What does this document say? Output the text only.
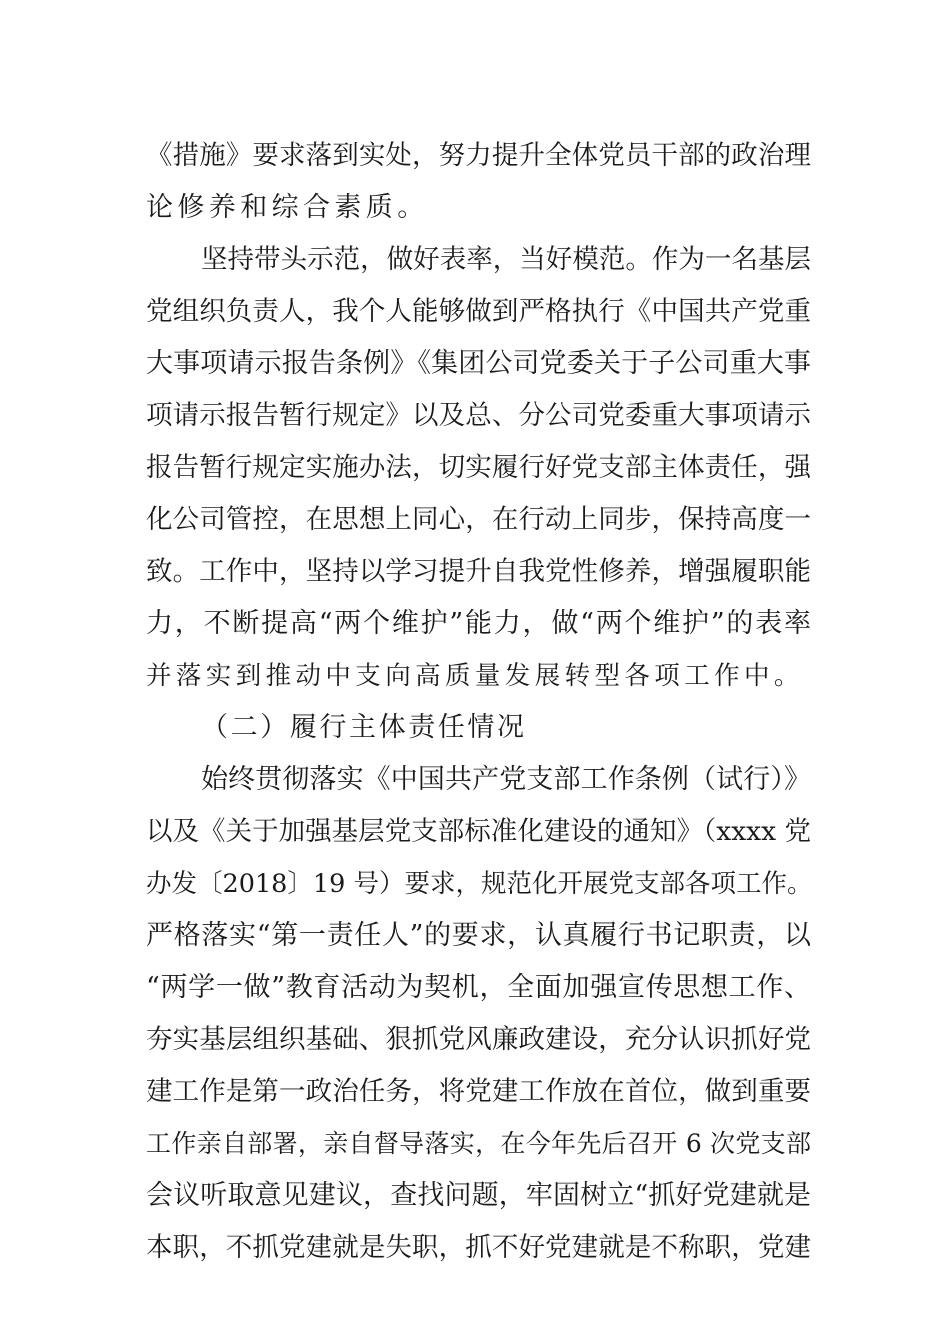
《措施》要求落到实处，努力提升全体党员干部的政治理

论修养和综合素质。

坚持带头示范，做好表率，当好模范。作为一名基层

党组织负责人，我个人能够做到严格执行《中国共产党重

大事项请示报告条例》《集团公司党委关于子公司重大事

项请示报告暂行规定》以及总、分公司党委重大事项请示

报告暂行规定实施办法，切实履行好党支部主体责任，强

化公司管控，在思想上同心，在行动上同步，保持高度一

致。工作中，坚持以学习提升自我党性修养，增强履职能

力，不断提高“两个维护”能力，做“两个维护”的表率

并落实到推动中支向高质量发展转型各项工作中。

（二）履行主体责任情况

始终贯彻落实《中国共产党支部工作条例（试行）》

以及《关于加强基层党支部标准化建设的通知》（xxxx 党

办发〔2018〕19 号）要求，规范化开展党支部各项工作。

严格落实“第一责任人”的要求，认真履行书记职责，以

“两学一做”教育活动为契机，全面加强宣传思想工作、

夯实基层组织基础、狠抓党风廉政建设，充分认识抓好党

建工作是第一政治任务，将党建工作放在首位，做到重要

工作亲自部署，亲自督导落实，在今年先后召开 6 次党支部

会议听取意见建议，查找问题，牢固树立“抓好党建就是

本职，不抓党建就是失职，抓不好党建就是不称职，党建
